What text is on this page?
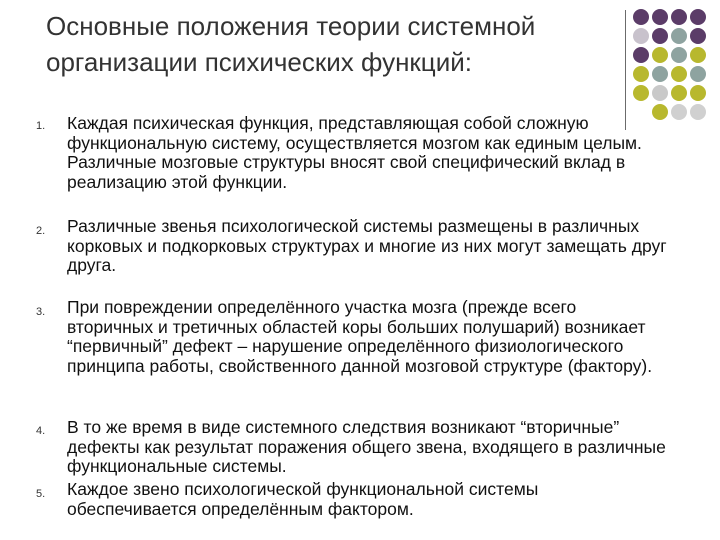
Основные положения теории системной организации психических функций:
1. Каждая психическая функция, представляющая собой сложную функциональную систему, осуществляется мозгом как единым целым. Различные мозговые структуры вносят свой специфический вклад в реализацию этой функции.

2. Различные звенья психологической системы размещены в различных корковых и подкорковых структурах и многие из них могут замещать друг друга.

3. При повреждении определённого участка мозга (прежде всего вторичных и третичных областей коры больших полушарий) возникает “первичный” дефект – нарушение определённого физиологического принципа работы, свойственного данной мозговой структуре (фактору).

4. В то же время в виде системного следствия возникают “вторичные” дефекты как результат поражения общего звена, входящего в различные функциональные системы.

5. Каждое звено психологической функциональной системы обеспечивается определённым фактором.
